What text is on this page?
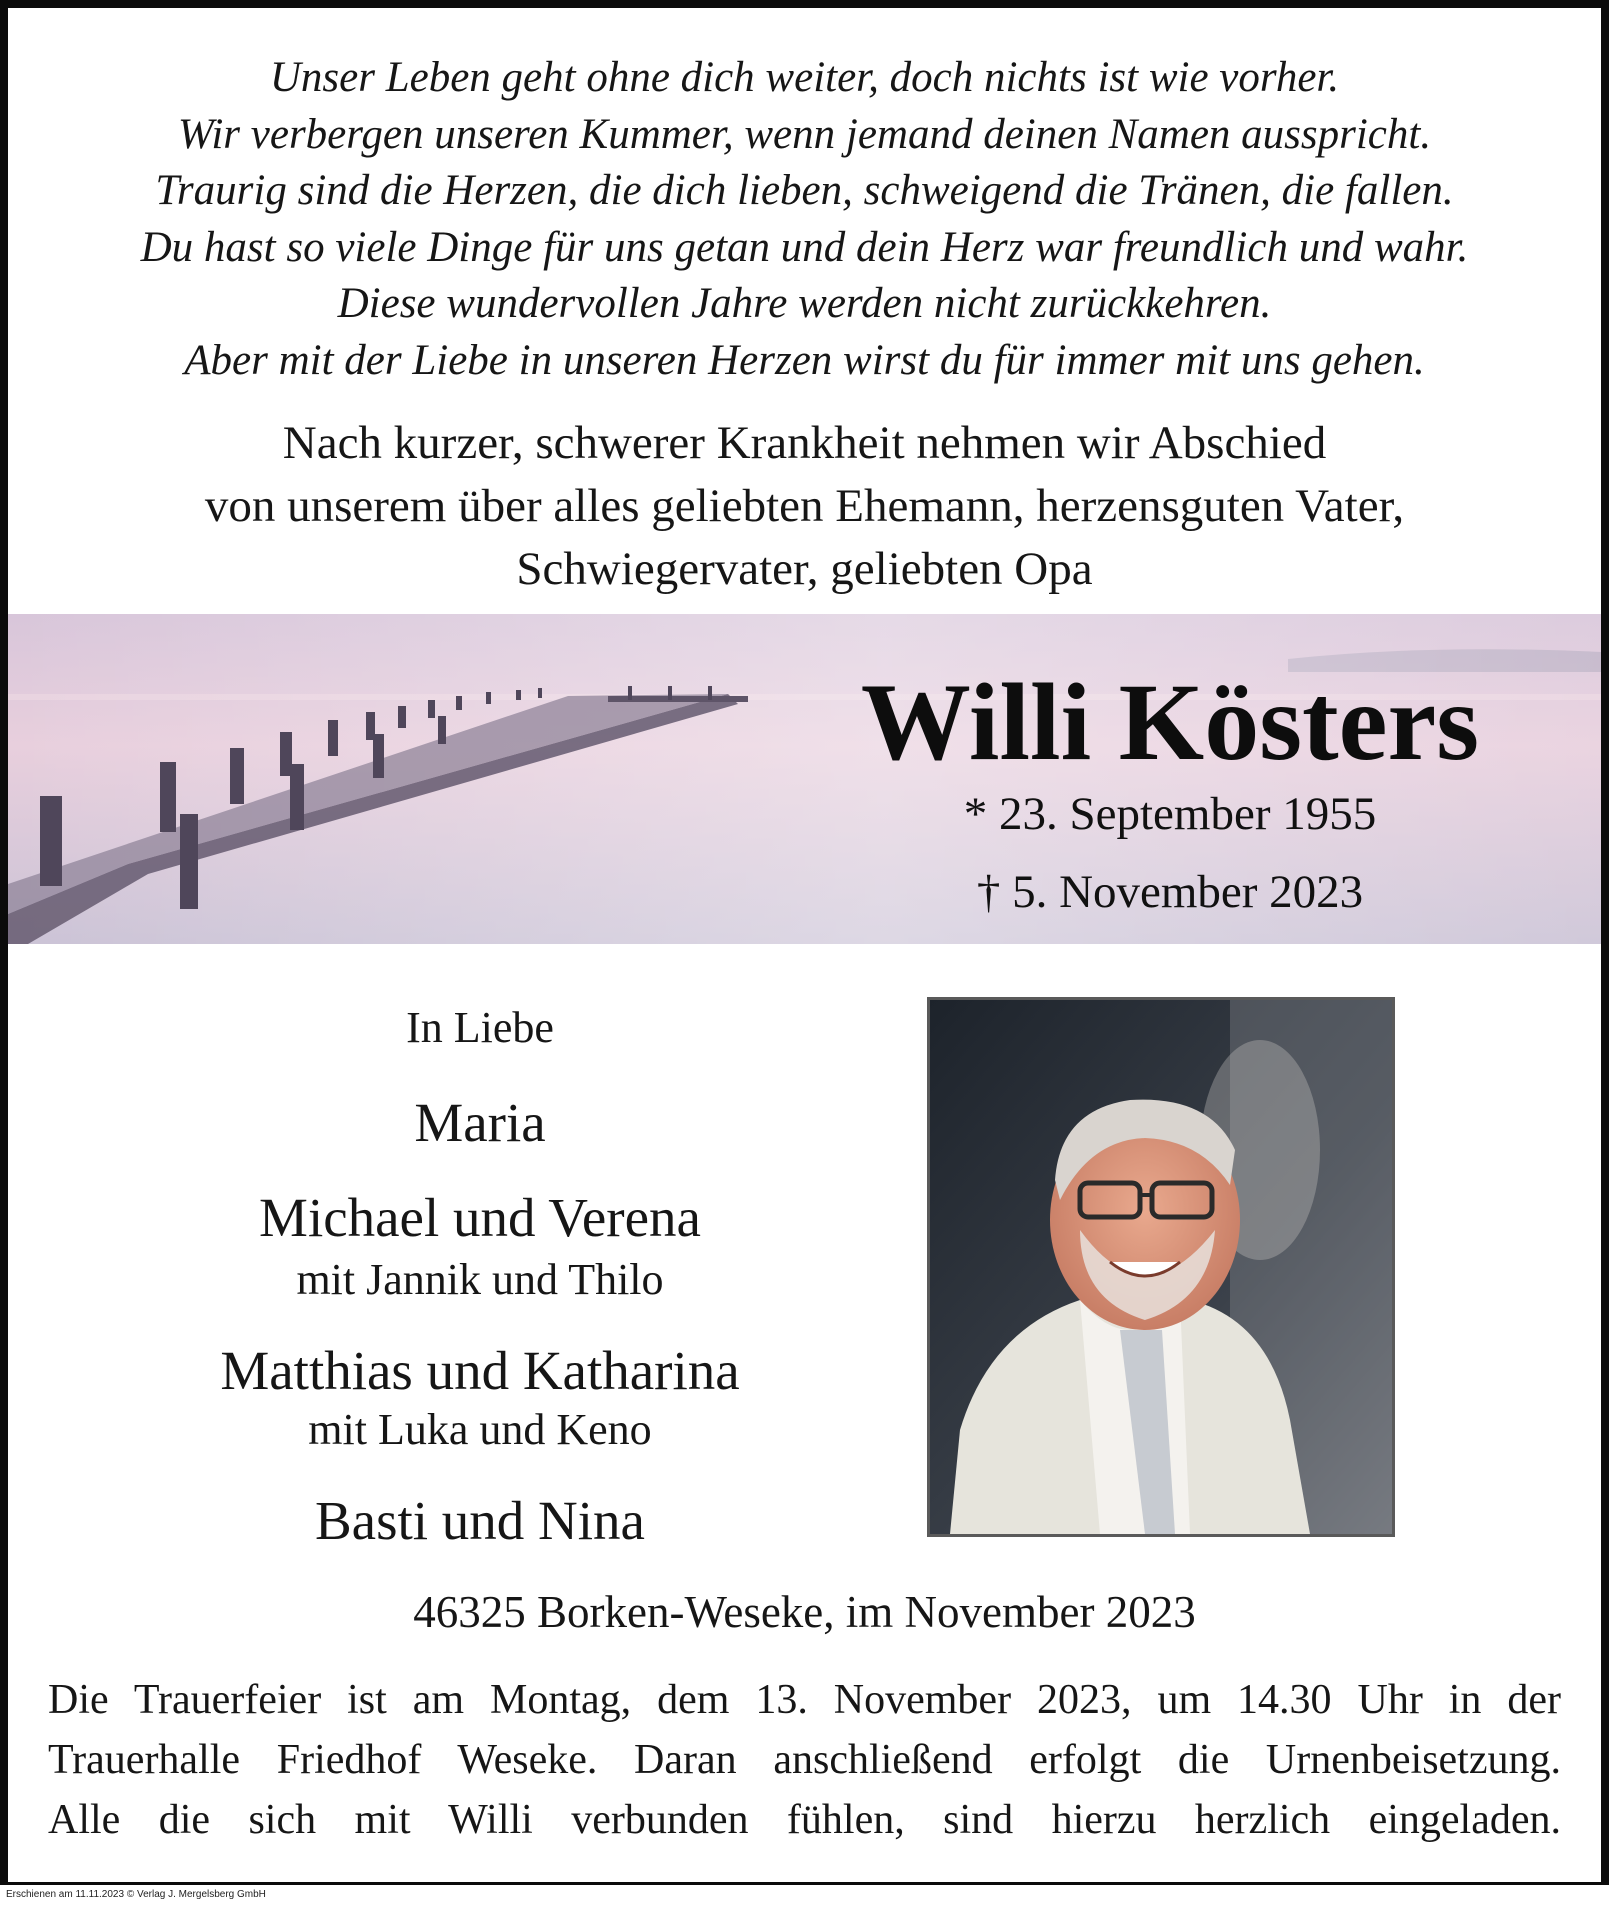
Unser Leben geht ohne dich weiter, doch nichts ist wie vorher.
Wir verbergen unseren Kummer, wenn jemand deinen Namen ausspricht.
Traurig sind die Herzen, die dich lieben, schweigend die Tränen, die fallen.
Du hast so viele Dinge für uns getan und dein Herz war freundlich und wahr.
Diese wundervollen Jahre werden nicht zurückkehren.
Aber mit der Liebe in unseren Herzen wirst du für immer mit uns gehen.
Nach kurzer, schwerer Krankheit nehmen wir Abschied
von unserem über alles geliebten Ehemann, herzensguten Vater,
Schwiegervater, geliebten Opa
Willi Kösters
* 23. September 1955
† 5. November 2023
In Liebe
Maria
Michael und Verena
mit Jannik und Thilo
Matthias und Katharina
mit Luka und Keno
Basti und Nina
46325 Borken-Weseke, im November 2023
Die Trauerfeier ist am Montag, dem 13. November 2023, um 14.30 Uhr in der
Trauerhalle Friedhof Weseke. Daran anschließend erfolgt die Urnenbeisetzung.
Alle die sich mit Willi verbunden fühlen, sind hierzu herzlich eingeladen.
Erschienen am 11.11.2023 © Verlag J. Mergelsberg GmbH
